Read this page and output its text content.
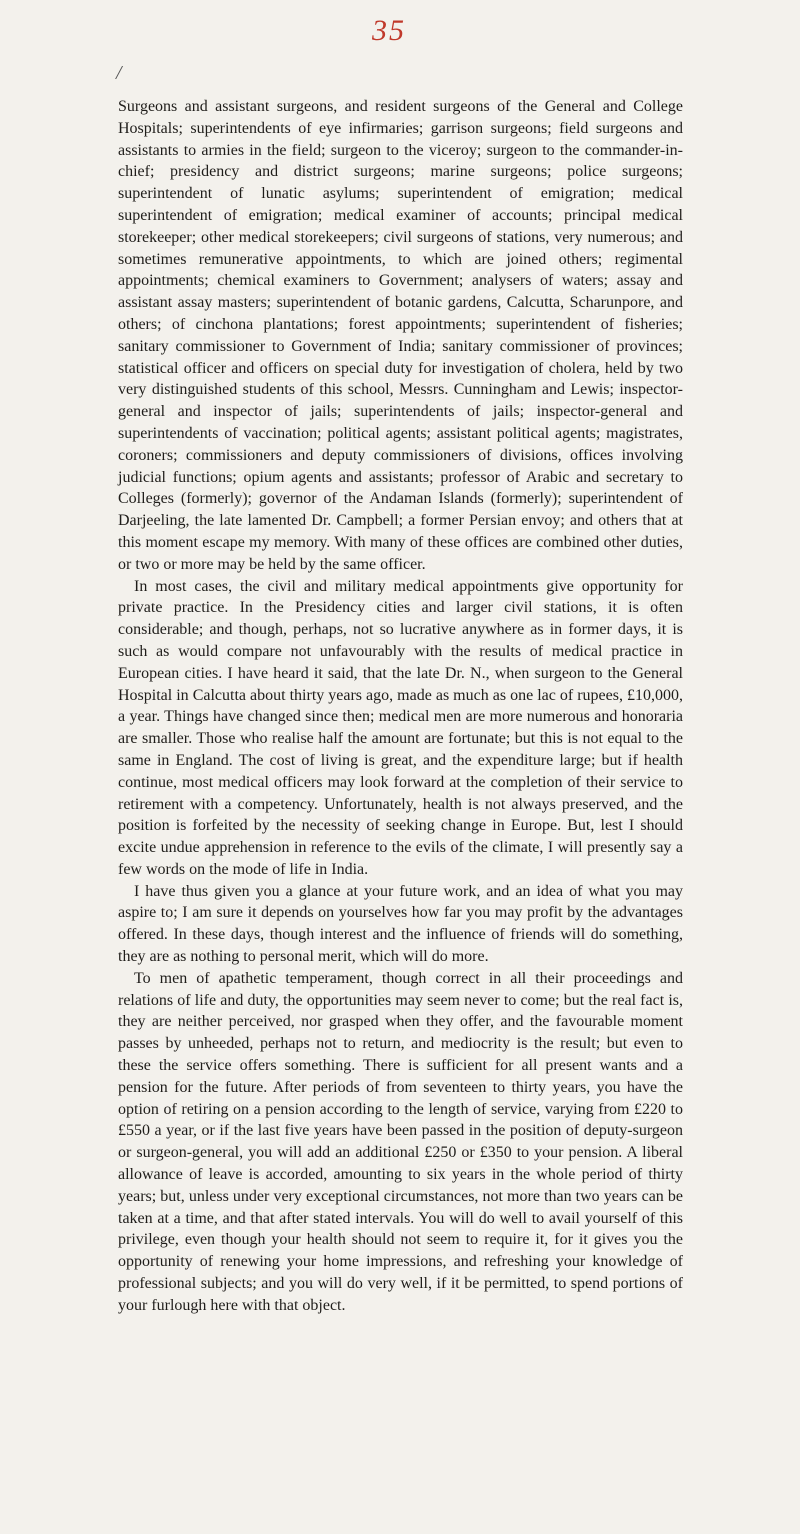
35
/

Surgeons and assistant surgeons, and resident surgeons of the General and College Hospitals; superintendents of eye infirmaries; garrison surgeons; field surgeons and assistants to armies in the field; surgeon to the viceroy; surgeon to the commander-in-chief; presidency and district surgeons; marine surgeons; police surgeons; superintendent of lunatic asylums; superintendent of emigration; medical superintendent of emigration; medical examiner of accounts; principal medical storekeeper; other medical storekeepers; civil surgeons of stations, very numerous; and sometimes remunerative appointments, to which are joined others; regimental appointments; chemical examiners to Government; analysers of waters; assay and assistant assay masters; superintendent of botanic gardens, Calcutta, Scharunpore, and others; of cinchona plantations; forest appointments; superintendent of fisheries; sanitary commissioner to Government of India; sanitary commissioner of provinces; statistical officer and officers on special duty for investigation of cholera, held by two very distinguished students of this school, Messrs. Cunningham and Lewis; inspector-general and inspector of jails; superintendents of jails; inspector-general and superintendents of vaccination; political agents; assistant political agents; magistrates, coroners; commissioners and deputy commissioners of divisions, offices involving judicial functions; opium agents and assistants; professor of Arabic and secretary to Colleges (formerly); governor of the Andaman Islands (formerly); superintendent of Darjeeling, the late lamented Dr. Campbell; a former Persian envoy; and others that at this moment escape my memory. With many of these offices are combined other duties, or two or more may be held by the same officer.

In most cases, the civil and military medical appointments give opportunity for private practice. In the Presidency cities and larger civil stations, it is often considerable; and though, perhaps, not so lucrative anywhere as in former days, it is such as would compare not unfavourably with the results of medical practice in European cities. I have heard it said, that the late Dr. N., when surgeon to the General Hospital in Calcutta about thirty years ago, made as much as one lac of rupees, £10,000, a year. Things have changed since then; medical men are more numerous and honoraria are smaller. Those who realise half the amount are fortunate; but this is not equal to the same in England. The cost of living is great, and the expenditure large; but if health continue, most medical officers may look forward at the completion of their service to retirement with a competency. Unfortunately, health is not always preserved, and the position is forfeited by the necessity of seeking change in Europe. But, lest I should excite undue apprehension in reference to the evils of the climate, I will presently say a few words on the mode of life in India.

I have thus given you a glance at your future work, and an idea of what you may aspire to; I am sure it depends on yourselves how far you may profit by the advantages offered. In these days, though interest and the influence of friends will do something, they are as nothing to personal merit, which will do more.

To men of apathetic temperament, though correct in all their proceedings and relations of life and duty, the opportunities may seem never to come; but the real fact is, they are neither perceived, nor grasped when they offer, and the favourable moment passes by unheeded, perhaps not to return, and mediocrity is the result; but even to these the service offers something. There is sufficient for all present wants and a pension for the future. After periods of from seventeen to thirty years, you have the option of retiring on a pension according to the length of service, varying from £220 to £550 a year, or if the last five years have been passed in the position of deputy-surgeon or surgeon-general, you will add an additional £250 or £350 to your pension. A liberal allowance of leave is accorded, amounting to six years in the whole period of thirty years; but, unless under very exceptional circumstances, not more than two years can be taken at a time, and that after stated intervals. You will do well to avail yourself of this privilege, even though your health should not seem to require it, for it gives you the opportunity of renewing your home impressions, and refreshing your knowledge of professional subjects; and you will do very well, if it be permitted, to spend portions of your furlough here with that object.
